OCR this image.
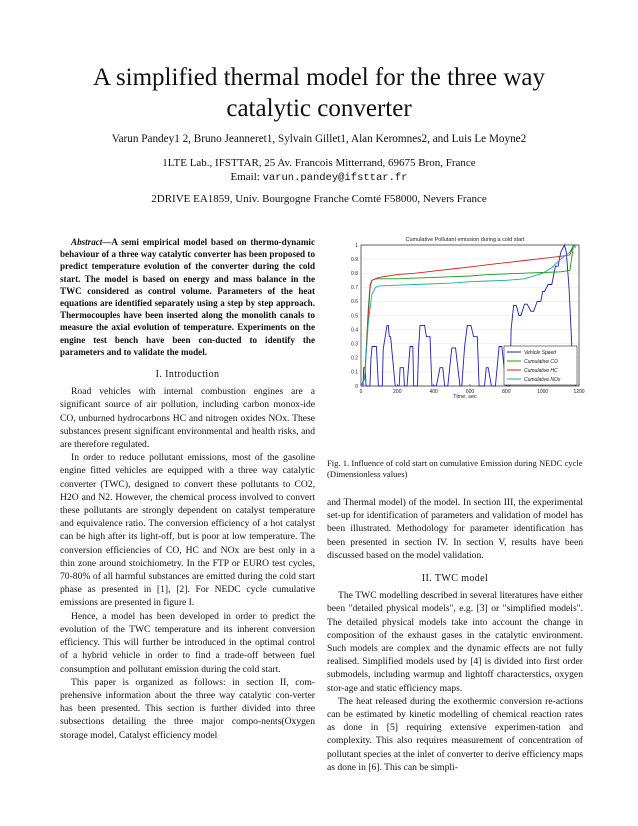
A simplified thermal model for the three way
catalytic converter
Varun Pandey1 2, Bruno Jeanneret1, Sylvain Gillet1, Alan Keromnes2, and Luis Le Moyne2
1LTE Lab., IFSTTAR, 25 Av. Francois Mitterrand, 69675 Bron, France
Email: varun.pandey@ifsttar.fr
2DRIVE EA1859, Univ. Bourgogne Franche Comté F58000, Nevers France

Abstract—A semi empirical model based on thermo-dynamic behaviour of a three way catalytic converter has been proposed to predict temperature evolution of the converter during the cold start. The model is based on energy and mass balance in the TWC considered as control volume. Parameters of the heat equations are identified separately using a step by step approach. Thermocouples have been inserted along the monolith canals to measure the axial evolution of temperature. Experiments on the engine test bench have been con-ducted to identify the parameters and to validate the model.

I. Introduction

Road vehicles with internal combustion engines are a significant source of air pollution, including carbon monox-ide CO, unburned hydrocarbons HC and nitrogen oxides NOx. These substances present significant environmental and health risks, and are therefore regulated.

In order to reduce pollutant emissions, most of the gasoline engine fitted vehicles are equipped with a three way catalytic converter (TWC), designed to convert these pollutants to CO2, H2O and N2. However, the chemical process involved to convert these pollutants are strongly dependent on catalyst temperature and equivalence ratio. The conversion efficiency of a hot catalyst can be high after its light-off, but is poor at low temperature. The conversion efficiencies of CO, HC and NOx are best only in a thin zone around stoichiometry. In the FTP or EURO test cycles, 70-80% of all harmful substances are emitted during the cold start phase as presented in [1], [2]. For NEDC cycle cumulative emissions are presented in figure I.

Hence, a model has been developed in order to predict the evolution of the TWC temperature and its inherent conversion efficiency. This will further be introduced in the optimal control of a hybrid vehicle in order to find a trade-off between fuel consumption and pollutant emission during the cold start.

This paper is organized as follows: in section II, com-prehensive information about the three way catalytic con-verter has been presented. This section is further divided into three subsections detailing the three major compo-nents(Oxygen storage model, Catalyst efficiency model

Cumulative Pollutant emission during a cold start
0
0.1
0.2
0.3
0.4
0.5
0.6
0.7
0.8
0.9
1
0	200	400	600	800	1000	1200
Time, sec
Vehicle Speed
Cumulative CO
Cumulative HC
Cumulative NOx
Fig. 1. Influence of cold start on cumulative Emission during NEDC cycle (Dimensionless values)

and Thermal model) of the model. In section III, the experimental set-up for identification of parameters and validation of model has been illustrated. Methodology for parameter identification has been presented in section IV. In section V, results have been discussed based on the model validation.

II. TWC model

The TWC modelling described in several literatures have either been "detailed physical models", e.g. [3] or "simplified models". The detailed physical models take into account the change in composition of the exhaust gases in the catalytic environment. Such models are complex and the dynamic effects are not fully realised. Simplified models used by [4] is divided into first order submodels, including warmup and lightoff characterstics, oxygen stor-age and static efficiency maps.

The heat released during the exothermic conversion re-actions can be estimated by kinetic modelling of chemical reaction rates as done in [5] requiring extensive experimen-tation and complexity. This also requires measurement of concentration of pollutant species at the inlet of converter to derive efficiency maps as done in [6]. This can be simpli-
